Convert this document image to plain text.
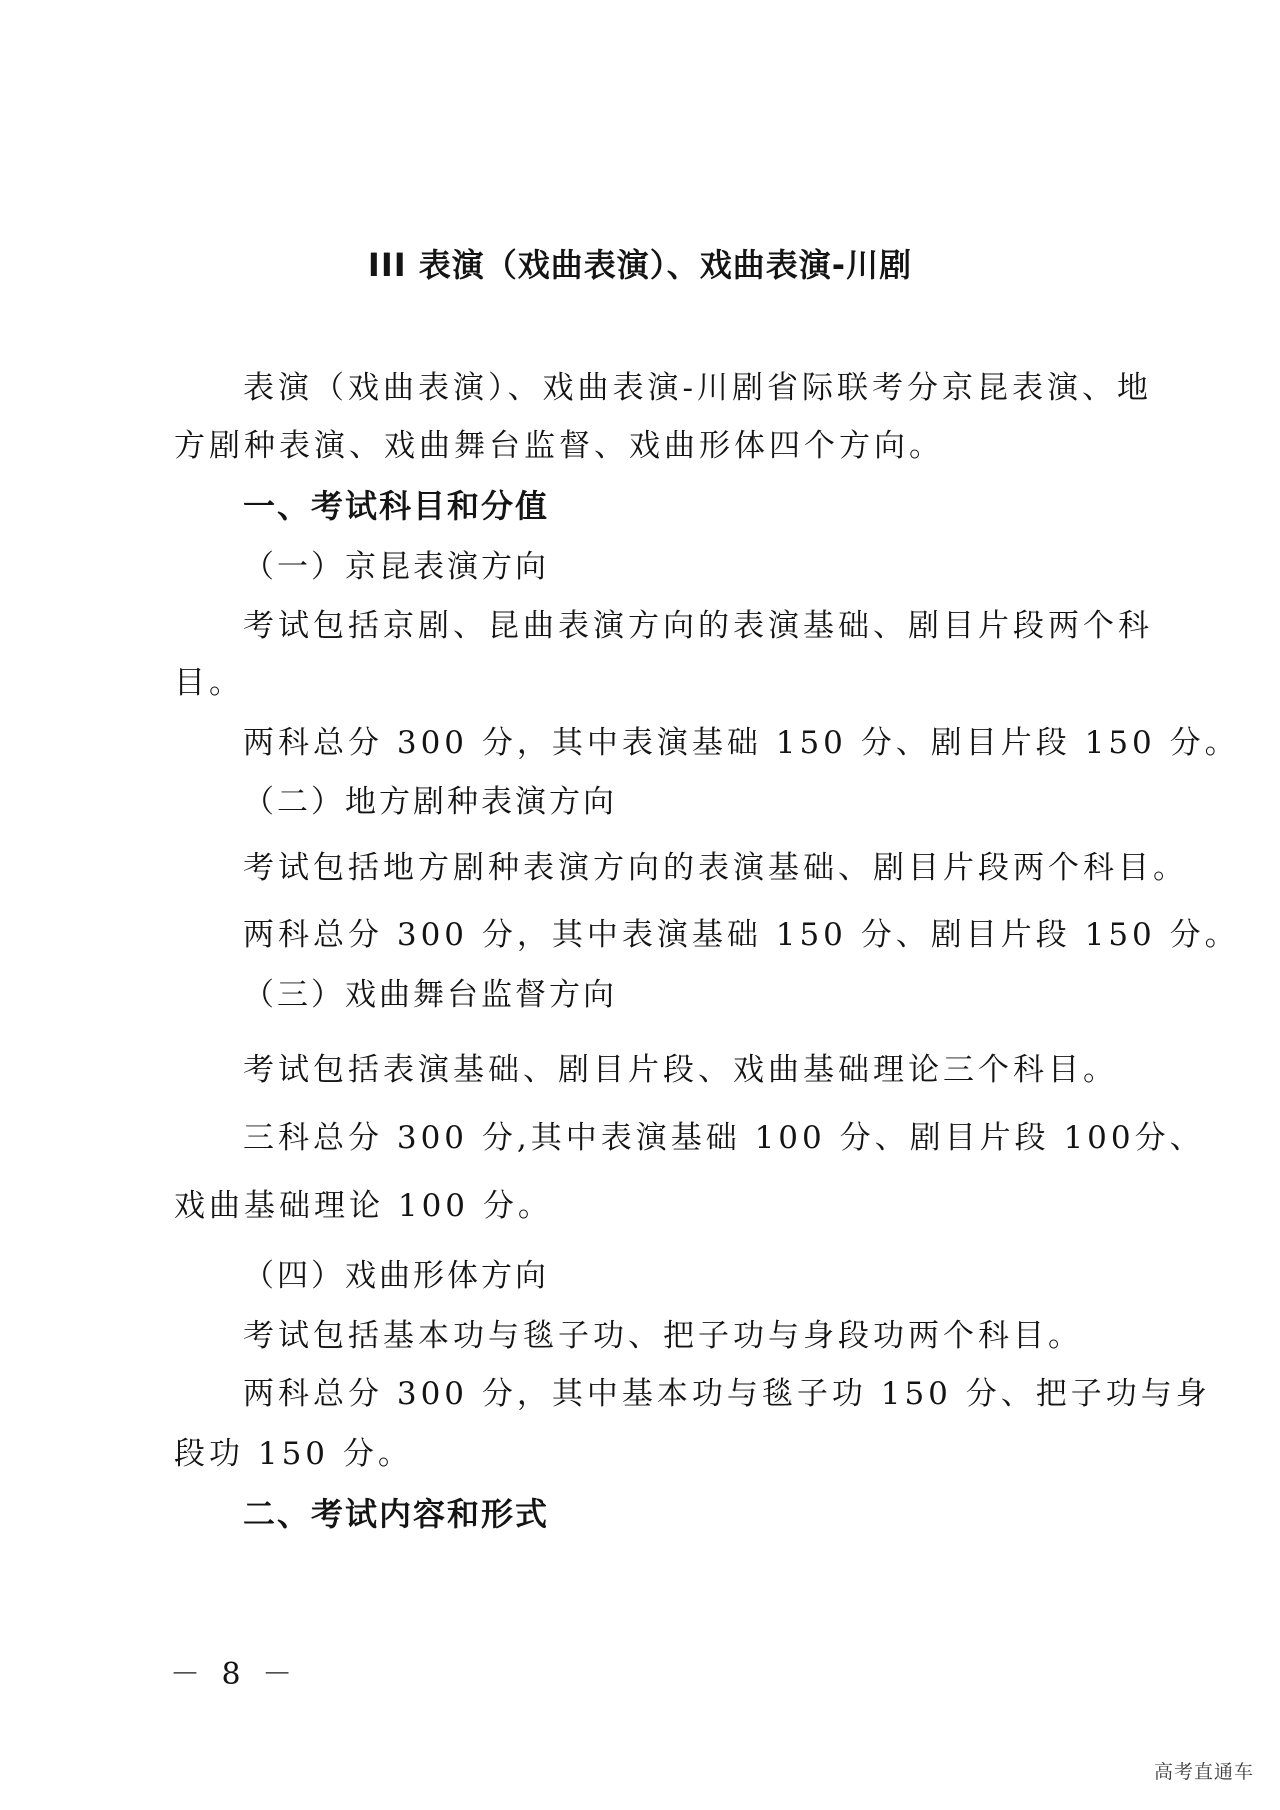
III 表演（戏曲表演）、戏曲表演-川剧
表演（戏曲表演）、戏曲表演-川剧省际联考分京昆表演、地
方剧种表演、戏曲舞台监督、戏曲形体四个方向。
一、考试科目和分值
（一）京昆表演方向
考试包括京剧、昆曲表演方向的表演基础、剧目片段两个科
目。
两科总分 300 分，其中表演基础 150 分、剧目片段 150 分。
（二）地方剧种表演方向
考试包括地方剧种表演方向的表演基础、剧目片段两个科目。
两科总分 300 分，其中表演基础 150 分、剧目片段 150 分。
（三）戏曲舞台监督方向
考试包括表演基础、剧目片段、戏曲基础理论三个科目。
三科总分 300 分,其中表演基础 100 分、剧目片段 100分、
戏曲基础理论 100 分。
（四）戏曲形体方向
考试包括基本功与毯子功、把子功与身段功两个科目。
两科总分 300 分，其中基本功与毯子功 150 分、把子功与身
段功 150 分。
二、考试内容和形式
－ 8 －
高考直通车
